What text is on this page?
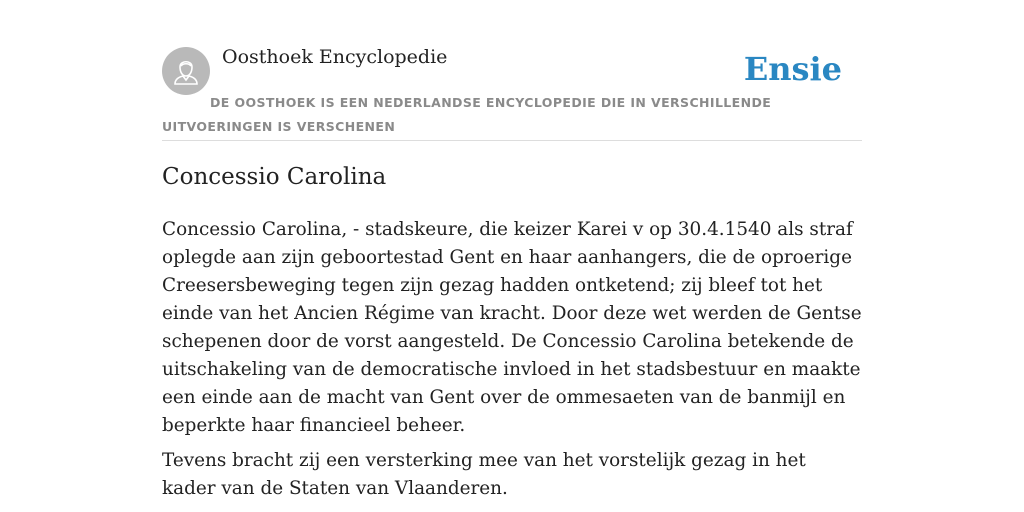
Oosthoek Encyclopedie	Ensie
DE OOSTHOEK IS EEN NEDERLANDSE ENCYCLOPEDIE DIE IN VERSCHILLENDE UITVOERINGEN IS VERSCHENEN
Concessio Carolina

Concessio Carolina, - stadskeure, die keizer Karei v op 30.4.1540 als straf oplegde aan zijn geboortestad Gent en haar aanhangers, die de oproerige Creesersbeweging tegen zijn gezag hadden ontketend; zij bleef tot het einde van het Ancien Régime van kracht. Door deze wet werden de Gentse schepenen door de vorst aangesteld. De Concessio Carolina betekende de uitschakeling van de democratische invloed in het stadsbestuur en maakte een einde aan de macht van Gent over de ommesaeten van de banmijl en beperkte haar financieel beheer.

Tevens bracht zij een versterking mee van het vorstelijk gezag in het kader van de Staten van Vlaanderen.
